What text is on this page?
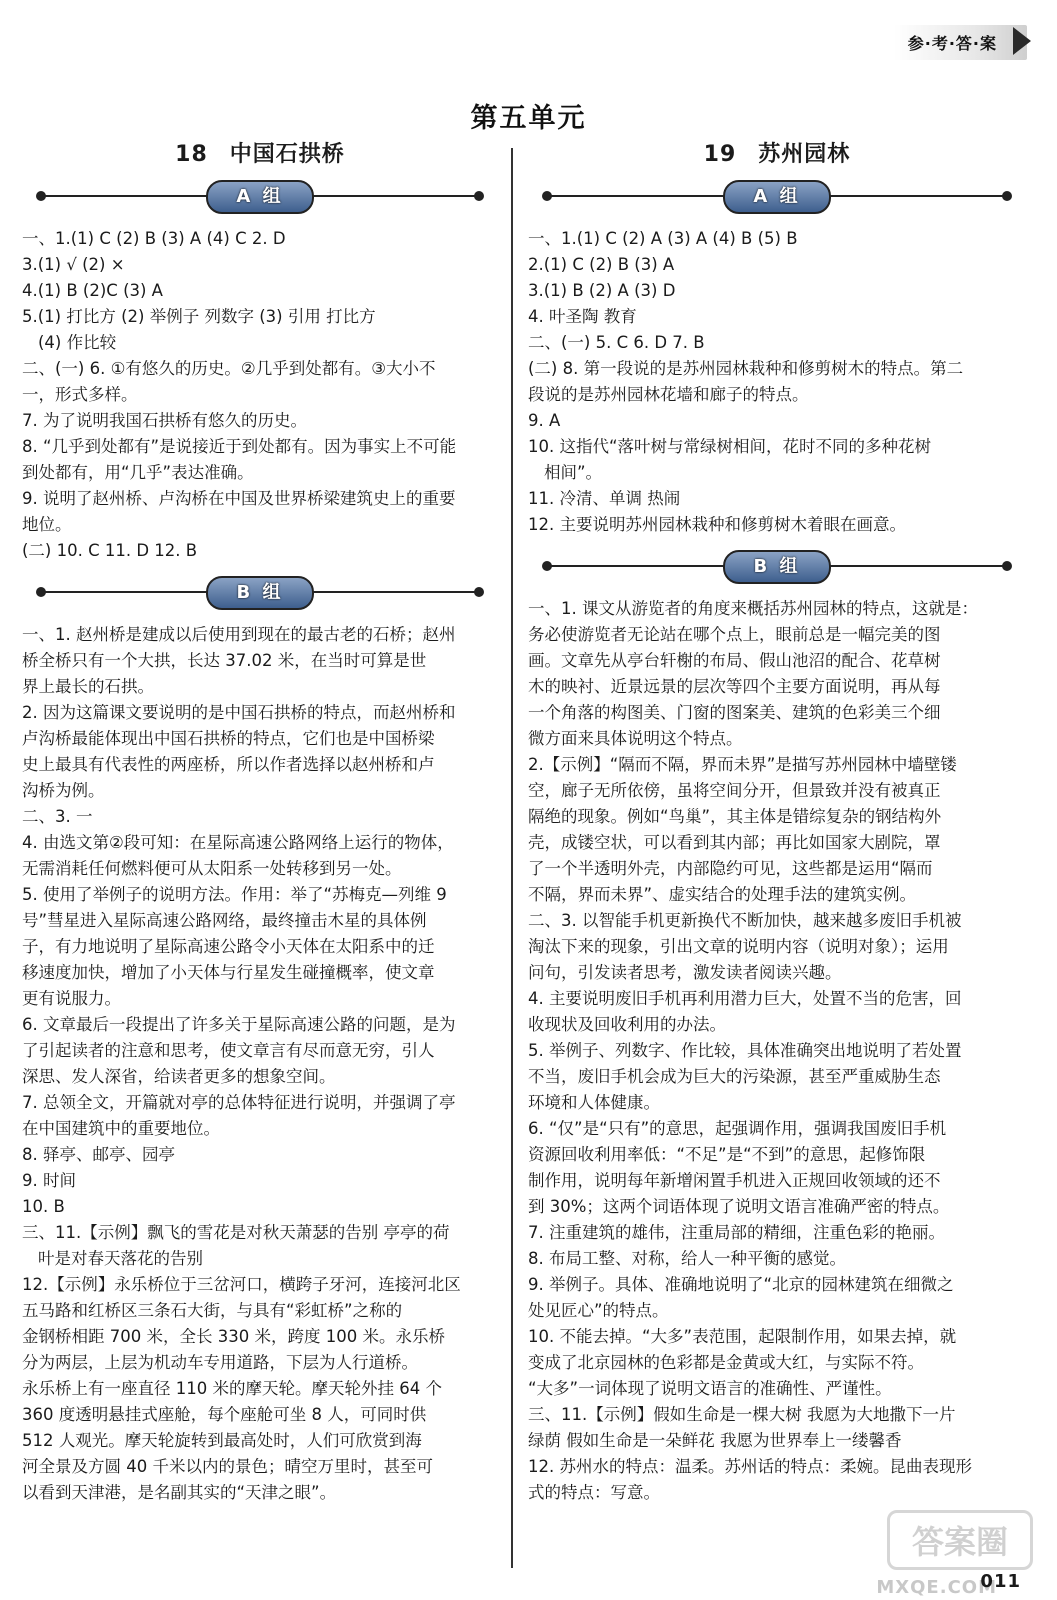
参·考·答·案
第五单元
18 中国石拱桥
A 组

一、1.(1) C (2) B (3) A (4) C 2. D

3.(1) √ (2) ×

4.(1) B (2)C (3) A

5.(1) 打比方 (2) 举例子 列数字 (3) 引用 打比方

(4) 作比较

二、(一) 6. ①有悠久的历史。②几乎到处都有。③大小不

一，形式多样。

7. 为了说明我国石拱桥有悠久的历史。

8. “几乎到处都有”是说接近于到处都有。因为事实上不可能

到处都有，用“几乎”表达准确。

9. 说明了赵州桥、卢沟桥在中国及世界桥梁建筑史上的重要

地位。

(二) 10. C 11. D 12. B

B 组

一、1. 赵州桥是建成以后使用到现在的最古老的石桥；赵州

桥全桥只有一个大拱，长达 37.02 米，在当时可算是世

界上最长的石拱。

2. 因为这篇课文要说明的是中国石拱桥的特点，而赵州桥和

卢沟桥最能体现出中国石拱桥的特点，它们也是中国桥梁

史上最具有代表性的两座桥，所以作者选择以赵州桥和卢

沟桥为例。

二、3. 一

4. 由选文第②段可知：在星际高速公路网络上运行的物体，

无需消耗任何燃料便可从太阳系一处转移到另一处。

5. 使用了举例子的说明方法。作用：举了“苏梅克—列维 9

号”彗星进入星际高速公路网络，最终撞击木星的具体例

子，有力地说明了星际高速公路令小天体在太阳系中的迁

移速度加快，增加了小天体与行星发生碰撞概率，使文章

更有说服力。

6. 文章最后一段提出了许多关于星际高速公路的问题，是为

了引起读者的注意和思考，使文章言有尽而意无穷，引人

深思、发人深省，给读者更多的想象空间。

7. 总领全文，开篇就对亭的总体特征进行说明，并强调了亭

在中国建筑中的重要地位。

8. 驿亭、邮亭、园亭

9. 时间

10. B

三、11.【示例】飘飞的雪花是对秋天萧瑟的告别 亭亭的荷

叶是对春天落花的告别

12.【示例】永乐桥位于三岔河口，横跨子牙河，连接河北区

五马路和红桥区三条石大街，与具有“彩虹桥”之称的

金钢桥相距 700 米，全长 330 米，跨度 100 米。永乐桥

分为两层，上层为机动车专用道路，下层为人行道桥。

永乐桥上有一座直径 110 米的摩天轮。摩天轮外挂 64 个

360 度透明悬挂式座舱，每个座舱可坐 8 人，可同时供

512 人观光。摩天轮旋转到最高处时，人们可欣赏到海

河全景及方圆 40 千米以内的景色；晴空万里时，甚至可

以看到天津港，是名副其实的“天津之眼”。

19 苏州园林
A 组

一、1.(1) C (2) A (3) A (4) B (5) B

2.(1) C (2) B (3) A

3.(1) B (2) A (3) D

4. 叶圣陶 教育

二、(一) 5. C 6. D 7. B

(二) 8. 第一段说的是苏州园林栽种和修剪树木的特点。第二

段说的是苏州园林花墙和廊子的特点。

9. A

10. 这指代“落叶树与常绿树相间，花时不同的多种花树

相间”。

11. 冷清、单调 热闹

12. 主要说明苏州园林栽种和修剪树木着眼在画意。

B 组

一、1. 课文从游览者的角度来概括苏州园林的特点，这就是：

务必使游览者无论站在哪个点上，眼前总是一幅完美的图

画。文章先从亭台轩榭的布局、假山池沼的配合、花草树

木的映衬、近景远景的层次等四个主要方面说明，再从每

一个角落的构图美、门窗的图案美、建筑的色彩美三个细

微方面来具体说明这个特点。

2.【示例】“隔而不隔，界而未界”是描写苏州园林中墙壁镂

空，廊子无所依傍，虽将空间分开，但景致并没有被真正

隔绝的现象。例如“鸟巢”，其主体是错综复杂的钢结构外

壳，成镂空状，可以看到其内部；再比如国家大剧院，罩

了一个半透明外壳，内部隐约可见，这些都是运用“隔而

不隔，界而未界”、虚实结合的处理手法的建筑实例。

二、3. 以智能手机更新换代不断加快，越来越多废旧手机被

淘汰下来的现象，引出文章的说明内容（说明对象）；运用

问句，引发读者思考，激发读者阅读兴趣。

4. 主要说明废旧手机再利用潜力巨大，处置不当的危害，回

收现状及回收利用的办法。

5. 举例子、列数字、作比较，具体准确突出地说明了若处置

不当，废旧手机会成为巨大的污染源，甚至严重威胁生态

环境和人体健康。

6. “仅”是“只有”的意思，起强调作用，强调我国废旧手机

资源回收利用率低：“不足”是“不到”的意思，起修饰限

制作用，说明每年新增闲置手机进入正规回收领域的还不

到 30%；这两个词语体现了说明文语言准确严密的特点。

7. 注重建筑的雄伟，注重局部的精细，注重色彩的艳丽。

8. 布局工整、对称，给人一种平衡的感觉。

9. 举例子。具体、准确地说明了“北京的园林建筑在细微之

处见匠心”的特点。

10. 不能去掉。“大多”表范围，起限制作用，如果去掉，就

变成了北京园林的色彩都是金黄或大红，与实际不符。

“大多”一词体现了说明文语言的准确性、严谨性。

三、11.【示例】假如生命是一棵大树 我愿为大地撒下一片

绿荫 假如生命是一朵鲜花 我愿为世界奉上一缕馨香

12. 苏州水的特点：温柔。苏州话的特点：柔婉。昆曲表现形

式的特点：写意。

答案圈
MXQE.COM
011
